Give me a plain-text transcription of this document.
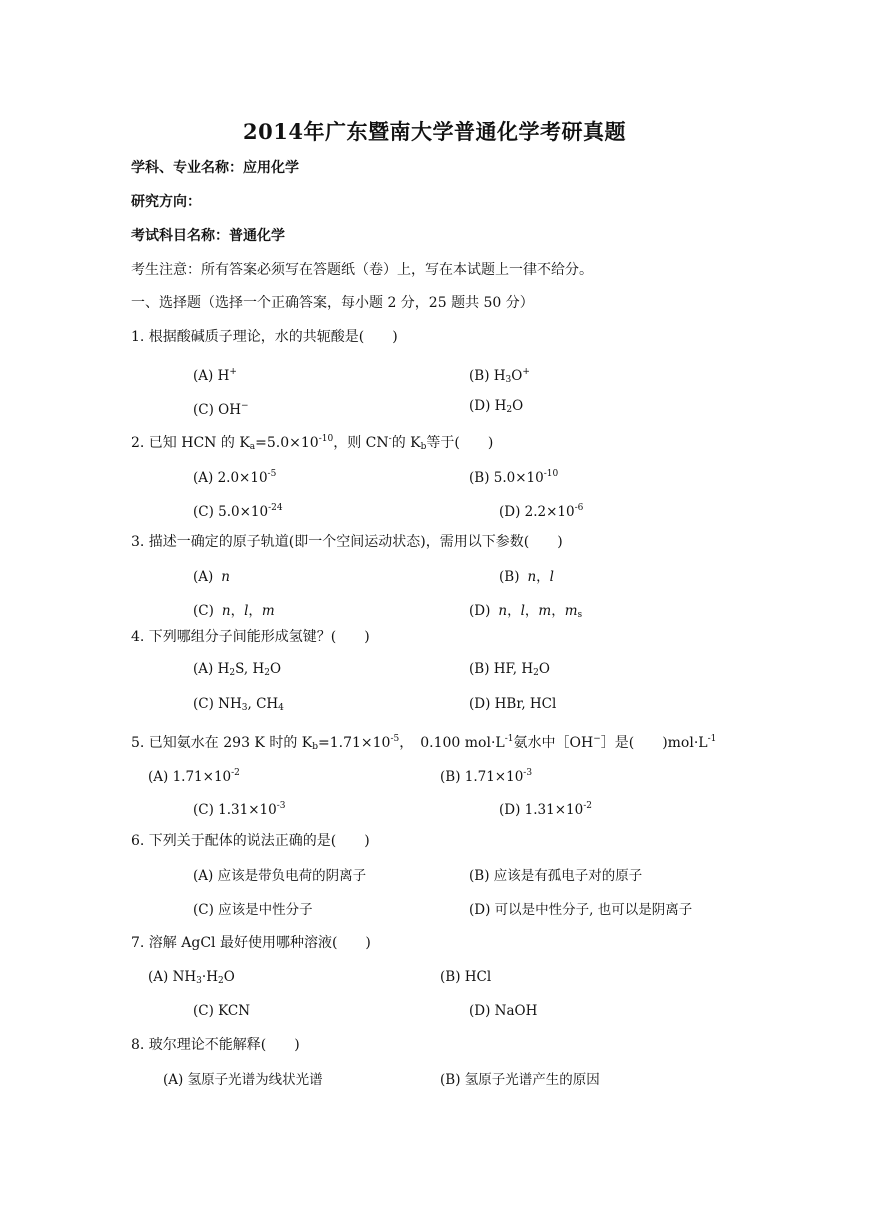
2014年广东暨南大学普通化学考研真题
学科、专业名称：应用化学
研究方向：
考试科目名称：普通化学
考生注意：所有答案必须写在答题纸（卷）上，写在本试题上一律不给分。
一、选择题（选择一个正确答案，每小题 2 分，25 题共 50 分）
1. 根据酸碱质子理论，水的共轭酸是(　　)
(A) H+	(B) $H_3O^+$
(C) OH−	(D) $H_2O$
2. 已知 HCN 的 $K_a=5.0\times 10^{-10}$，则 CN-的 $K_b$等于(　　)
(A) $2.0\times 10^{-5}$	(B) $5.0\times 10^{-10}$
(C) $5.0\times 10^{-24}$	(D) $2.2\times 10^{-6}$
3. 描述一确定的原子轨道(即一个空间运动状态)，需用以下参数(　　)
(A) n	(B) n，l
(C) n，l，m	(D) n，l，m，$m_s$
4. 下列哪组分子间能形成氢键？(　　)
(A) $H_2S$, $H_2O$	(B) HF, $H_2O$
(C) $NH_3$, $CH_4$	(D) HBr, HCl
5. 已知氨水在 293 K 时的 $K_b=1.71\times 10^{-5}$，　0.100 $mol\cdot L^{-1}$氨水中［OH−］是(　　)$mol\cdot L^{-1}$
(A) $1.71\times 10^{-2}$	(B) $1.71\times 10^{-3}$
(C) $1.31\times 10^{-3}$	(D) $1.31\times 10^{-2}$
6. 下列关于配体的说法正确的是(　　)
(A) 应该是带负电荷的阴离子	(B) 应该是有孤电子对的原子
(C) 应该是中性分子	(D) 可以是中性分子, 也可以是阴离子
7. 溶解 AgCl 最好使用哪种溶液(　　)
(A) $NH_3\cdot H_2O$	(B) HCl
(C) KCN	(D) NaOH
8. 玻尔理论不能解释(　　)
(A) 氢原子光谱为线状光谱	(B) 氢原子光谱产生的原因
